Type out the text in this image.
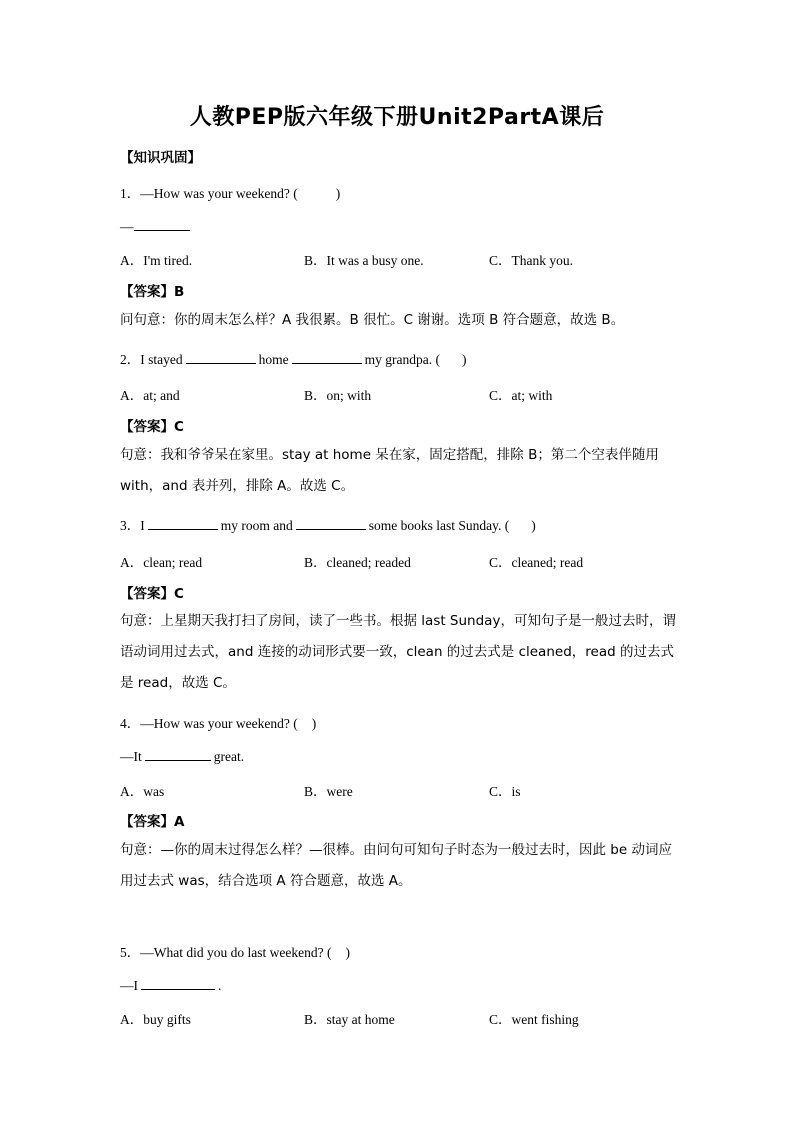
人教PEP版六年级下册Unit2PartA课后
【知识巩固】
1．—How was your weekend? (	)
—
A．I'm tired.	B．It was a busy one.	C．Thank you.
【答案】B
问句意：你的周末怎么样？A 我很累。B 很忙。C 谢谢。选项 B 符合题意，故选 B。
2．I stayed	home	my grandpa. ( )
A．at; and	B．on; with	C．at; with
【答案】C
句意：我和爷爷呆在家里。stay at home 呆在家，固定搭配，排除 B；第二个空表伴随用 with，and 表并列，排除 A。故选 C。
3．I	my room and	some books last Sunday. ( )
A．clean; read	B．cleaned; readed	C．cleaned; read
【答案】C
句意：上星期天我打扫了房间，读了一些书。根据 last Sunday，可知句子是一般过去时，谓语动词用过去式，and 连接的动词形式要一致，clean 的过去式是 cleaned，read 的过去式是 read，故选 C。
4．—How was your weekend? ( )
—It	great.
A．was	B．were	C．is
【答案】A
句意：—你的周末过得怎么样？—很棒。由问句可知句子时态为一般过去时，因此 be 动词应用过去式 was，结合选项 A 符合题意，故选 A。
5．—What did you do last weekend? ( )
—I	.
A．buy gifts	B．stay at home	C．went fishing
